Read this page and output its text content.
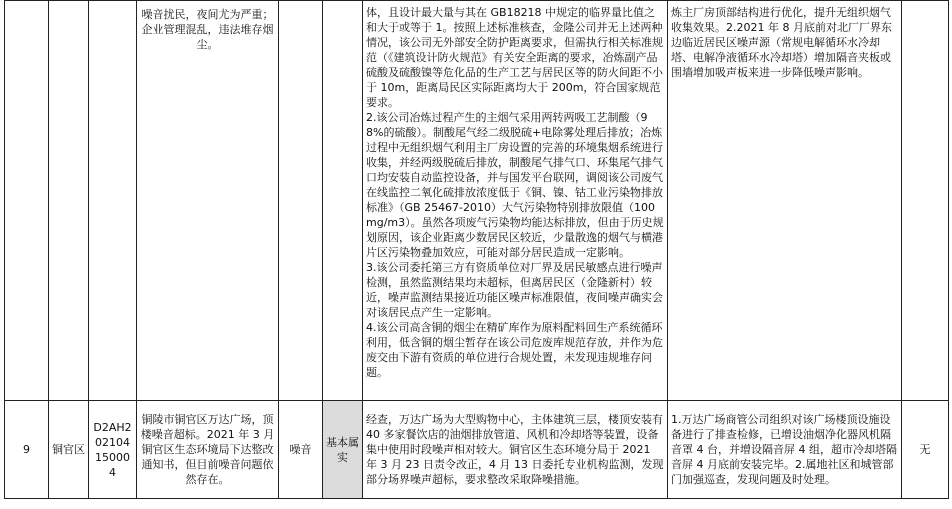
			噪音扰民，夜间尤为严重；企业管理混乱，违法堆存烟尘。			体，且设计最大量与其在 GB18218 中规定的临界量比值之和大于或等于 1。按照上述标准核查，金隆公司并无上述两种情况，该公司无外部安全防护距离要求，但需执行相关标准规范（《建筑设计防火规范》有关安全距离的要求，冶炼副产品硫酸及硫酸镍等危化品的生产工艺与居民区等的防火间距不小于 10m，距离局民区实际距离均大于 200m，符合国家规范要求。
2.该公司冶炼过程产生的主烟气采用两转两吸工艺制酸（98%的硫酸）。制酸尾气经二级脱硫+电除雾处理后排放；冶炼过程中无组织烟气利用主厂房设置的完善的环境集烟系统进行收集，并经两级脱硫后排放，制酸尾气排气口、环集尾气排气口均安装自动监控设备，并与国发平台联网，调阅该公司废气在线监控二氧化硫排放浓度低于《铜、镍、钴工业污染物排放标准》（GB 25467-2010）大气污染物特别排放限值（100mg/m3）。虽然各项废气污染物均能达标排放，但由于历史规划原因，该企业距离少数居民区较近，少量散逸的烟气与横港片区污染物叠加效应，可能对部分居民造成一定影响。
3.该公司委托第三方有资质单位对厂界及居民敏感点进行噪声检测，虽然监测结果均未超标，但离居民区（金隆新村）较近，噪声监测结果接近功能区噪声标准限值，夜间噪声确实会对该居民点产生一定影响。
4.该公司高含铜的烟尘在精矿库作为原料配料回生产系统循环利用，低含铜的烟尘暂存在该公司危废库规范存放，并作为危废交由下游有资质的单位进行合规处置，未发现违规堆存问题。	炼主厂房顶部结构进行优化，提升无组织烟气收集效果。2.2021 年 8 月底前对北厂厂界东边临近居民区噪声源（常规电解循环水冷却塔、电解净液循环水冷却塔）增加隔音夹板或围墙增加吸声板来进一步降低噪声影响。	
9	铜官区	D2AH20210415000 4	铜陵市铜官区万达广场，顶楼噪音超标。2021 年 3 月铜官区生态环境局下达整改通知书，但目前噪音问题依然存在。	噪音	基本属实	经查，万达广场为大型购物中心，主体建筑三层，楼顶安装有 40 多家餐饮店的油烟排放管道、风机和冷却塔等装置，设备集中使用时段噪声相对较大。铜官区生态环境分局于 2021 年 3 月 23 日责令改正，4 月 13 日委托专业机构监测，发现部分场界噪声超标，要求整改采取降噪措施。	1.万达广场商管公司组织对该广场楼顶设施设备进行了排查检修，已增设油烟净化器风机隔音罩 4 台，并增设隔音屏 4 组，超市冷却塔隔音屏 4 月底前安装完毕。2.属地社区和城管部门加强巡查，发现问题及时处理。	无
